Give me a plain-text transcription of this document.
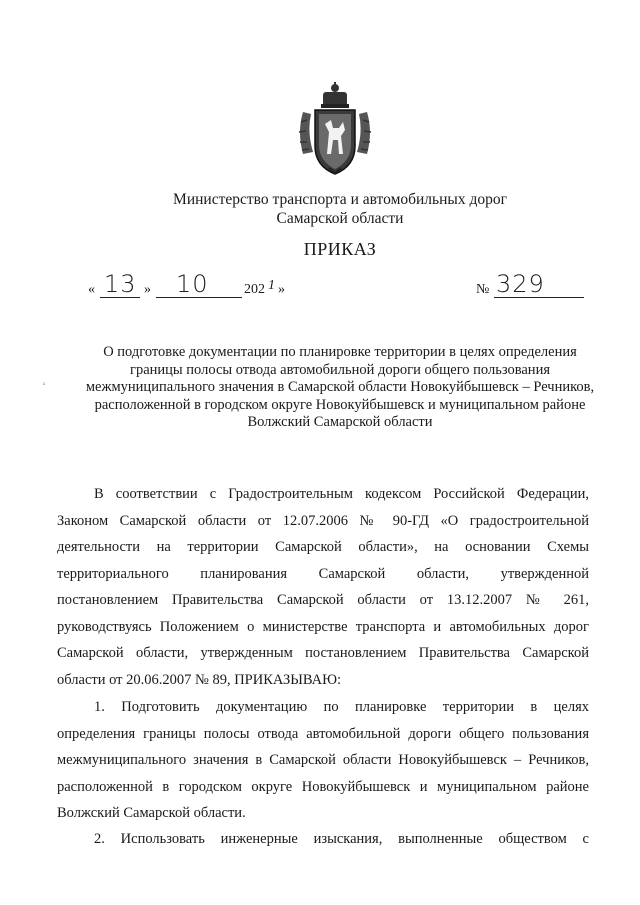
Министерство транспорта и автомобильных дорог
Самарской области
ПРИКАЗ
« 13 » 10	202 1 »	№ 329
‘
О подготовке документации по планировке территории в целях определения
границы полосы отвода автомобильной дороги общего пользования
межмуниципального значения в Самарской области Новокуйбышевск – Речников,
расположенной в городском округе Новокуйбышевск и муниципальном районе
Волжский Самарской области
В соответствии с Градостроительным кодексом Российской Федерации,
Законом Самарской области от 12.07.2006 № 90-ГД «О градостроительной
деятельности на территории Самарской области», на основании Схемы
территориального планирования Самарской области, утвержденной
постановлением Правительства Самарской области от 13.12.2007 № 261,
руководствуясь Положением о министерстве транспорта и автомобильных дорог
Самарской области, утвержденным постановлением Правительства Самарской
области от 20.06.2007 № 89, ПРИКАЗЫВАЮ:
1. Подготовить документацию по планировке территории в целях
определения границы полосы отвода автомобильной дороги общего пользования
межмуниципального значения в Самарской области Новокуйбышевск – Речников,
расположенной в городском округе Новокуйбышевск и муниципальном районе
Волжский Самарской области.
2. Использовать инженерные изыскания, выполненные обществом с
